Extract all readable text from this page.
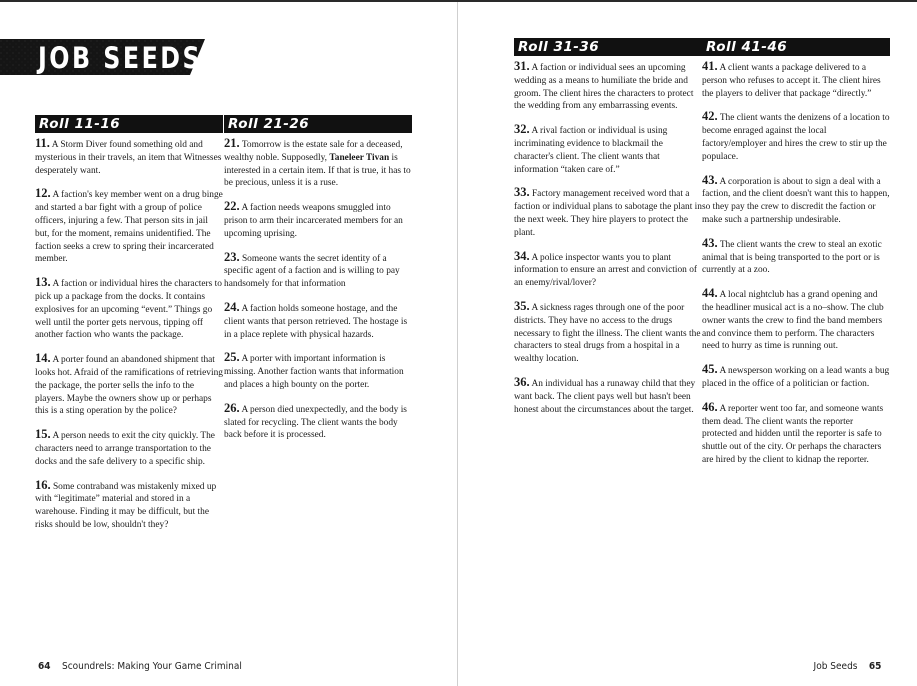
JOB SEEDS
Roll 11-16
11. A Storm Diver found something old and mysterious in their travels, an item that Witnesses desperately want.
12. A faction's key member went on a drug binge and started a bar fight with a group of police officers, injuring a few. That person sits in jail but, for the moment, remains unidentified. The faction seeks a crew to spring their incarcerated member.
13. A faction or individual hires the characters to pick up a package from the docks. It contains explosives for an upcoming “event.” Things go well until the porter gets nervous, tipping off another faction who wants the package.
14. A porter found an abandoned shipment that looks hot. Afraid of the ramifications of retrieving the package, the porter sells the info to the players. Maybe the owners show up or perhaps this is a sting operation by the police?
15. A person needs to exit the city quickly. The characters need to arrange transportation to the docks and the safe delivery to a specific ship.
16. Some contraband was mistakenly mixed up with “legitimate” material and stored in a warehouse. Finding it may be difficult, but the risks should be low, shouldn't they?
Roll 21-26
21. Tomorrow is the estate sale for a deceased, wealthy noble. Supposedly, Taneleer Tivan is interested in a certain item. If that is true, it has to be precious, unless it is a ruse.
22. A faction needs weapons smuggled into prison to arm their incarcerated members for an upcoming uprising.
23. Someone wants the secret identity of a specific agent of a faction and is willing to pay handsomely for that information
24. A faction holds someone hostage, and the client wants that person retrieved. The hostage is in a place replete with physical hazards.
25. A porter with important information is missing. Another faction wants that information and places a high bounty on the porter.
26. A person died unexpectedly, and the body is slated for recycling. The client wants the body back before it is processed.
Roll 31-36
31. A faction or individual sees an upcoming wedding as a means to humiliate the bride and groom. The client hires the characters to protect the wedding from any embarrassing events.
32. A rival faction or individual is using incriminating evidence to blackmail the character's client. The client wants that information “taken care of.”
33. Factory management received word that a faction or individual plans to sabotage the plant in the next week. They hire players to protect the plant.
34. A police inspector wants you to plant information to ensure an arrest and conviction of an enemy/rival/lover?
35. A sickness rages through one of the poor districts. They have no access to the drugs necessary to fight the illness. The client wants the characters to steal drugs from a hospital in a wealthy location.
36. An individual has a runaway child that they want back. The client pays well but hasn't been honest about the circumstances about the target.
Roll 41-46
41. A client wants a package delivered to a person who refuses to accept it. The client hires the players to deliver that package “directly.”
42. The client wants the denizens of a location to become enraged against the local factory/employer and hires the crew to stir up the populace.
43. A corporation is about to sign a deal with a faction, and the client doesn't want this to happen, so they pay the crew to discredit the faction or make such a partnership undesirable.
43. The client wants the crew to steal an exotic animal that is being transported to the port or is currently at a zoo.
44. A local nightclub has a grand opening and the headliner musical act is a no–show. The club owner wants the crew to find the band members and convince them to perform. The characters need to hurry as time is running out.
45. A newsperson working on a lead wants a bug placed in the office of a politician or faction.
46. A reporter went too far, and someone wants them dead. The client wants the reporter protected and hidden until the reporter is safe to shuttle out of the city. Or perhaps the characters are hired by the client to kidnap the reporter.
64 Scoundrels: Making Your Game Criminal	Job Seeds 65
